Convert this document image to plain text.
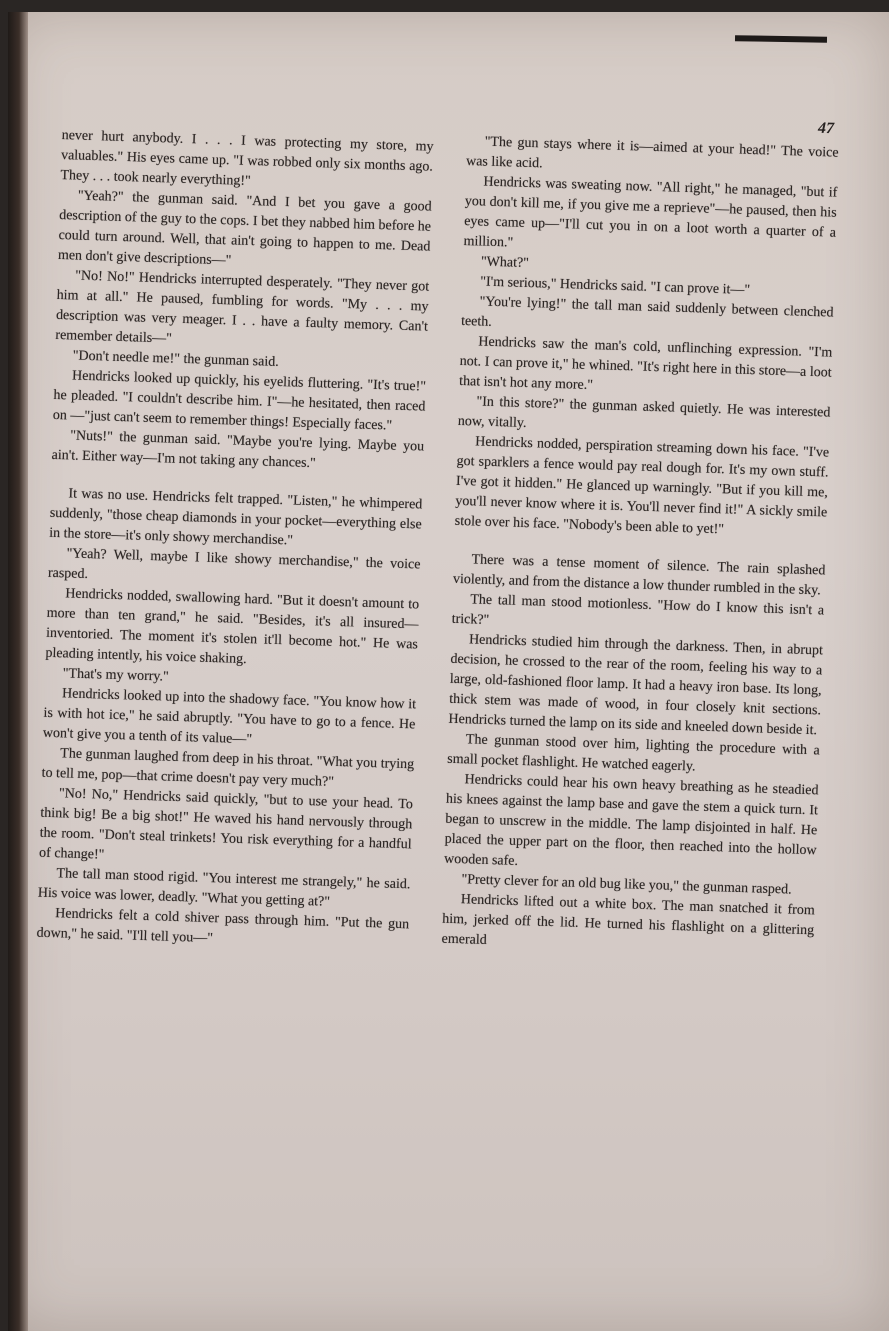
47

never hurt anybody. I . . . I was protecting my store, my valuables." His eyes came up. "I was robbed only six months ago. They . . . took nearly everything!"

"Yeah?" the gunman said. "And I bet you gave a good description of the guy to the cops. I bet they nabbed him before he could turn around. Well, that ain't going to happen to me. Dead men don't give descriptions—"

"No! No!" Hendricks interrupted desperately. "They never got him at all." He paused, fumbling for words. "My . . . my description was very meager. I . . have a faulty memory. Can't remember details—"

"Don't needle me!" the gunman said.

Hendricks looked up quickly, his eyelids fluttering. "It's true!" he pleaded. "I couldn't describe him. I"—he hesitated, then raced on —"just can't seem to remember things! Especially faces."

"Nuts!" the gunman said. "Maybe you're lying. Maybe you ain't. Either way—I'm not taking any chances."

It was no use. Hendricks felt trapped. "Listen," he whimpered suddenly, "those cheap diamonds in your pocket—everything else in the store—it's only showy merchandise."

"Yeah? Well, maybe I like showy merchandise," the voice rasped.

Hendricks nodded, swallowing hard. "But it doesn't amount to more than ten grand," he said. "Besides, it's all insured—inventoried. The moment it's stolen it'll become hot." He was pleading intently, his voice shaking.

"That's my worry."

Hendricks looked up into the shadowy face. "You know how it is with hot ice," he said abruptly. "You have to go to a fence. He won't give you a tenth of its value—"

The gunman laughed from deep in his throat. "What you trying to tell me, pop—that crime doesn't pay very much?"

"No! No," Hendricks said quickly, "but to use your head. To think big! Be a big shot!" He waved his hand nervously through the room. "Don't steal trinkets! You risk everything for a handful of change!"

The tall man stood rigid. "You interest me strangely," he said. His voice was lower, deadly. "What you getting at?"

Hendricks felt a cold shiver pass through him. "Put the gun down," he said. "I'll tell you—"

"The gun stays where it is—aimed at your head!" The voice was like acid.

Hendricks was sweating now. "All right," he managed, "but if you don't kill me, if you give me a reprieve"—he paused, then his eyes came up—"I'll cut you in on a loot worth a quarter of a million."

"What?"

"I'm serious," Hendricks said. "I can prove it—"

"You're lying!" the tall man said suddenly between clenched teeth.

Hendricks saw the man's cold, unflinching expression. "I'm not. I can prove it," he whined. "It's right here in this store—a loot that isn't hot any more."

"In this store?" the gunman asked quietly. He was interested now, vitally.

Hendricks nodded, perspiration streaming down his face. "I've got sparklers a fence would pay real dough for. It's my own stuff. I've got it hidden." He glanced up warningly. "But if you kill me, you'll never know where it is. You'll never find it!" A sickly smile stole over his face. "Nobody's been able to yet!"

There was a tense moment of silence. The rain splashed violently, and from the distance a low thunder rumbled in the sky.

The tall man stood motionless. "How do I know this isn't a trick?"

Hendricks studied him through the darkness. Then, in abrupt decision, he crossed to the rear of the room, feeling his way to a large, old-fashioned floor lamp. It had a heavy iron base. Its long, thick stem was made of wood, in four closely knit sections. Hendricks turned the lamp on its side and kneeled down beside it.

The gunman stood over him, lighting the procedure with a small pocket flashlight. He watched eagerly.

Hendricks could hear his own heavy breathing as he steadied his knees against the lamp base and gave the stem a quick turn. It began to unscrew in the middle. The lamp disjointed in half. He placed the upper part on the floor, then reached into the hollow wooden safe.

"Pretty clever for an old bug like you," the gunman rasped.

Hendricks lifted out a white box. The man snatched it from him, jerked off the lid. He turned his flashlight on a glittering emerald
